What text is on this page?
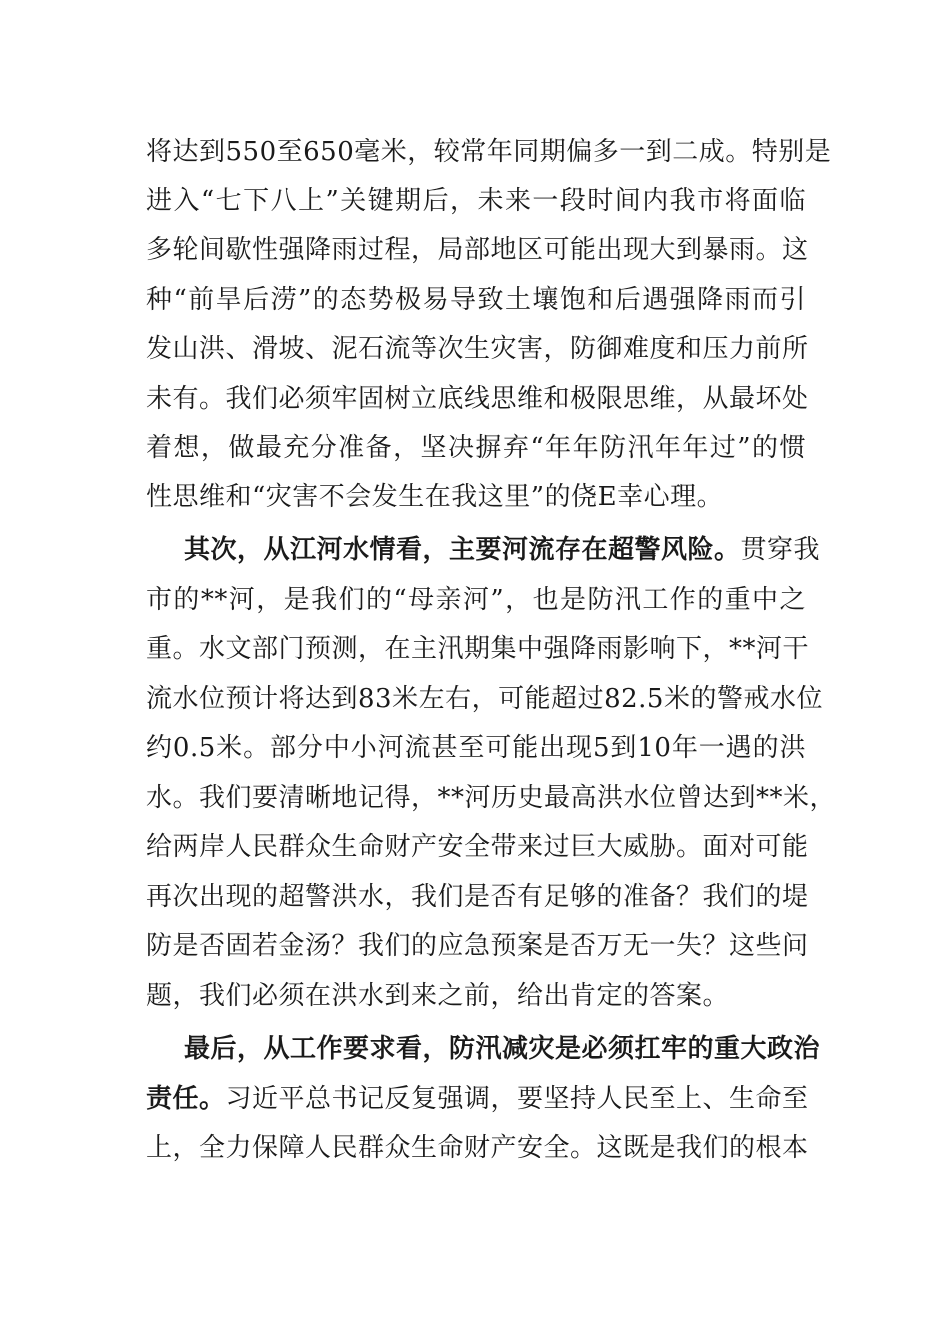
将达到550至650毫米，较常年同期偏多一到二成。特别是
进入“七下八上”关键期后，未来一段时间内我市将面临
多轮间歇性强降雨过程，局部地区可能出现大到暴雨。这
种“前旱后涝”的态势极易导致土壤饱和后遇强降雨而引
发山洪、滑坡、泥石流等次生灾害，防御难度和压力前所
未有。我们必须牢固树立底线思维和极限思维，从最坏处
着想，做最充分准备，坚决摒弃“年年防汛年年过”的惯
性思维和“灾害不会发生在我这里”的侥E幸心理。
其次，从江河水情看，主要河流存在超警风险。贯穿我
市的**河，是我们的“母亲河”，也是防汛工作的重中之
重。水文部门预测，在主汛期集中强降雨影响下，**河干
流水位预计将达到83米左右，可能超过82.5米的警戒水位
约0.5米。部分中小河流甚至可能出现5到10年一遇的洪
水。我们要清晰地记得，**河历史最高洪水位曾达到**米，
给两岸人民群众生命财产安全带来过巨大威胁。面对可能
再次出现的超警洪水，我们是否有足够的准备？我们的堤
防是否固若金汤？我们的应急预案是否万无一失？这些问
题，我们必须在洪水到来之前，给出肯定的答案。
最后，从工作要求看，防汛减灾是必须扛牢的重大政治
责任。习近平总书记反复强调，要坚持人民至上、生命至
上，全力保障人民群众生命财产安全。这既是我们的根本
